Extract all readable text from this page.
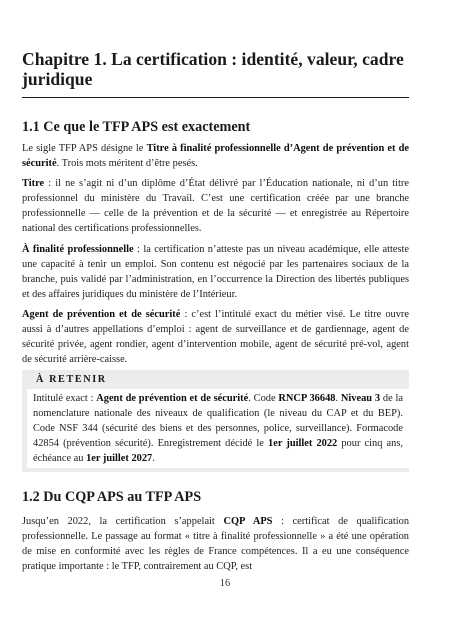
Chapitre 1. La certification : identité, valeur, cadre juridique
1.1 Ce que le TFP APS est exactement

Le sigle TFP APS désigne le Titre à finalité professionnelle d’Agent de prévention et de sécurité. Trois mots méritent d’être pesés.

Titre : il ne s’agit ni d’un diplôme d’État délivré par l’Éducation nationale, ni d’un titre professionnel du ministère du Travail. C’est une certification créée par une branche professionnelle — celle de la prévention et de la sécurité — et enregistrée au Répertoire national des certifications professionnelles.

À finalité professionnelle : la certification n’atteste pas un niveau académique, elle atteste une capacité à tenir un emploi. Son contenu est négocié par les partenaires sociaux de la branche, puis validé par l’administration, en l’occurrence la Direction des libertés publiques et des affaires juridiques du ministère de l’Intérieur.

Agent de prévention et de sécurité : c’est l’intitulé exact du métier visé. Le titre ouvre aussi à d’autres appellations d’emploi : agent de surveillance et de gardiennage, agent de sécurité privée, agent rondier, agent d’intervention mobile, agent de sécurité pré-vol, agent de sécurité arrière-caisse.

À RETENIR
Intitulé exact : Agent de prévention et de sécurité. Code RNCP 36648. Niveau 3 de la nomenclature nationale des niveaux de qualification (le niveau du CAP et du BEP). Code NSF 344 (sécurité des biens et des personnes, police, surveillance). Formacode 42854 (prévention sécurité). Enregistrement décidé le 1er juillet 2022 pour cinq ans, échéance au 1er juillet 2027.
1.2 Du CQP APS au TFP APS

Jusqu’en 2022, la certification s’appelait CQP APS : certificat de qualification professionnelle. Le passage au format « titre à finalité professionnelle » a été une opération de mise en conformité avec les règles de France compétences. Il a eu une conséquence pratique importante : le TFP, contrairement au CQP, est

16
